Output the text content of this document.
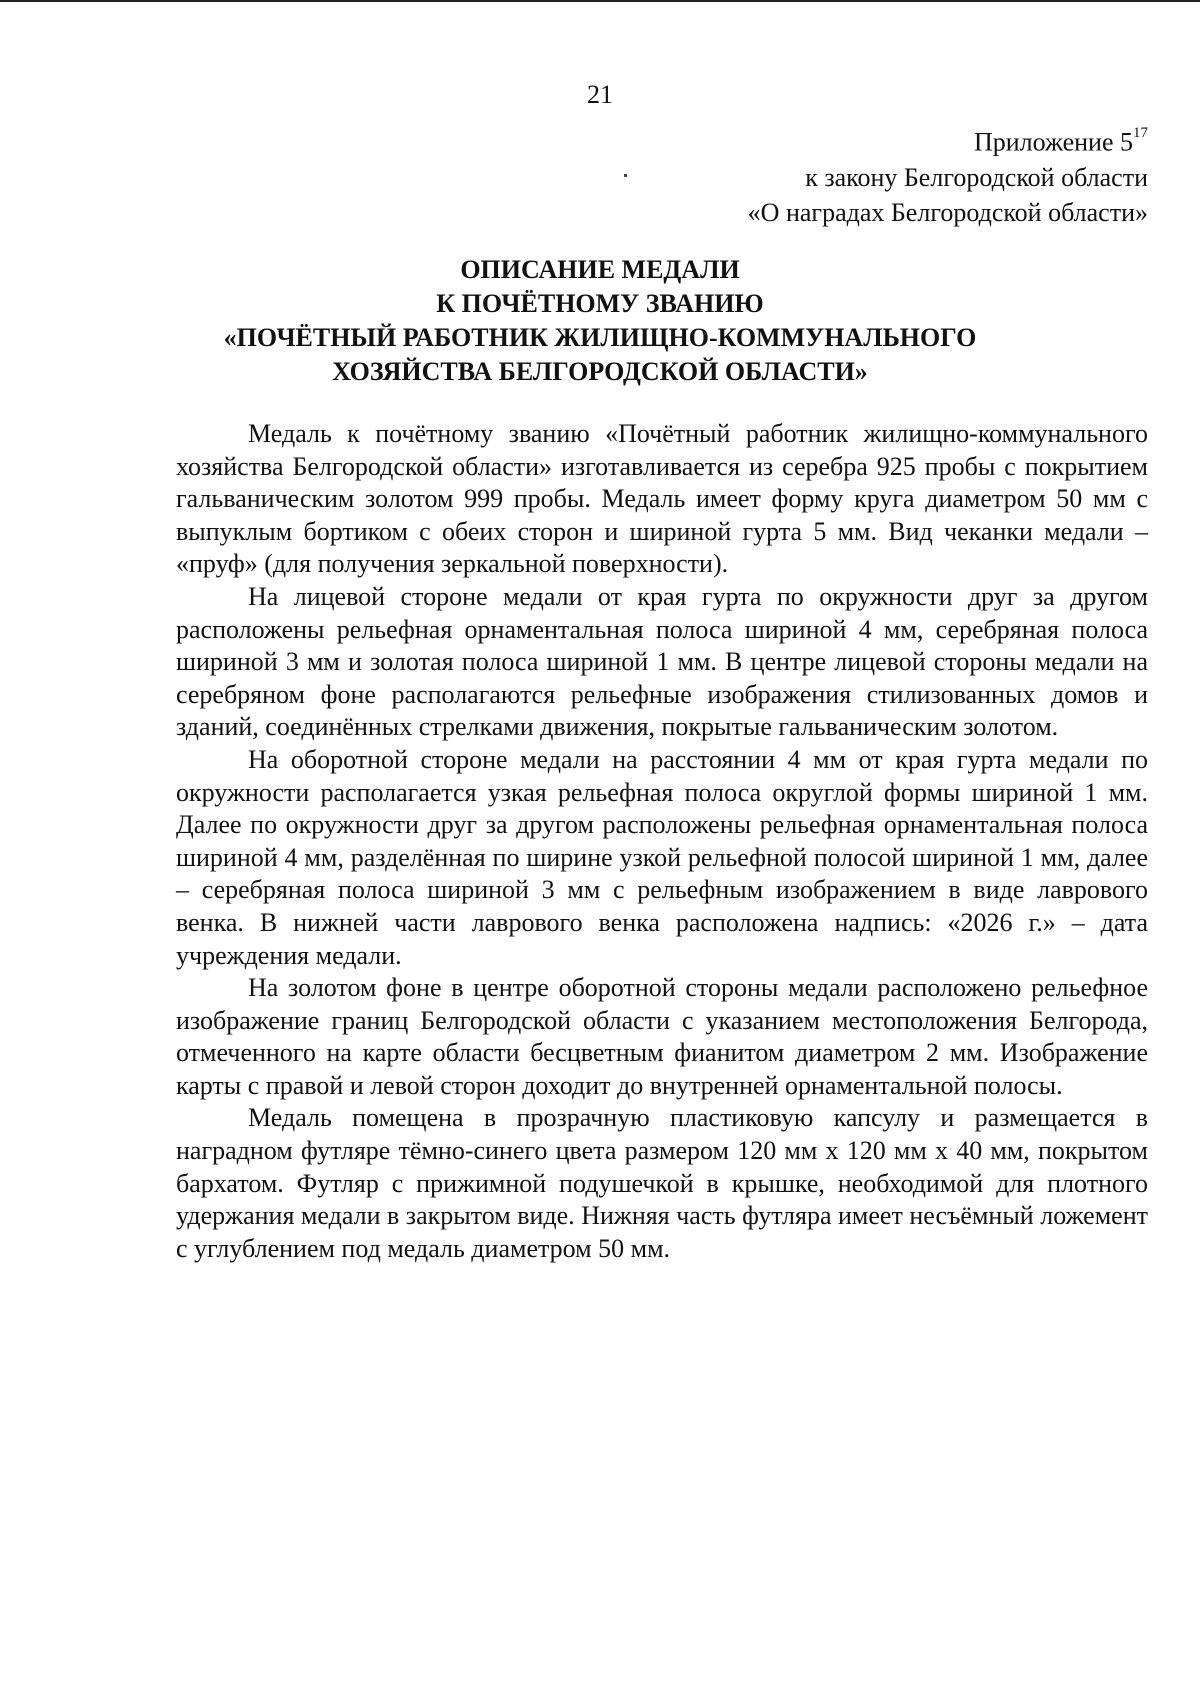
21
Приложение $5^{17}$
к закону Белгородской области
«О наградах Белгородской области»
ОПИСАНИЕ МЕДАЛИ
К ПОЧЁТНОМУ ЗВАНИЮ
«ПОЧЁТНЫЙ РАБОТНИК ЖИЛИЩНО-КОММУНАЛЬНОГО
ХОЗЯЙСТВА БЕЛГОРОДСКОЙ ОБЛАСТИ»

Медаль к почётному званию «Почётный работник жилищно-коммунального хозяйства Белгородской области» изготавливается из серебра 925 пробы с покрытием гальваническим золотом 999 пробы. Медаль имеет форму круга диаметром 50 мм с выпуклым бортиком с обеих сторон и шириной гурта 5 мм. Вид чеканки медали – «пруф» (для получения зеркальной поверхности).

На лицевой стороне медали от края гурта по окружности друг за другом расположены рельефная орнаментальная полоса шириной 4 мм, серебряная полоса шириной 3 мм и золотая полоса шириной 1 мм. В центре лицевой стороны медали на серебряном фоне располагаются рельефные изображения стилизованных домов и зданий, соединённых стрелками движения, покрытые гальваническим золотом.

На оборотной стороне медали на расстоянии 4 мм от края гурта медали по окружности располагается узкая рельефная полоса округлой формы шириной 1 мм. Далее по окружности друг за другом расположены рельефная орнаментальная полоса шириной 4 мм, разделённая по ширине узкой рельефной полосой шириной 1 мм, далее – серебряная полоса шириной 3 мм с рельефным изображением в виде лаврового венка. В нижней части лаврового венка расположена надпись: «2026 г.» – дата учреждения медали.

На золотом фоне в центре оборотной стороны медали расположено рельефное изображение границ Белгородской области с указанием местоположения Белгорода, отмеченного на карте области бесцветным фианитом диаметром 2 мм. Изображение карты с правой и левой сторон доходит до внутренней орнаментальной полосы.

Медаль помещена в прозрачную пластиковую капсулу и размещается в наградном футляре тёмно-синего цвета размером 120 мм х 120 мм х 40 мм, покрытом бархатом. Футляр с прижимной подушечкой в крышке, необходимой для плотного удержания медали в закрытом виде. Нижняя часть футляра имеет несъёмный ложемент с углублением под медаль диаметром 50 мм.
